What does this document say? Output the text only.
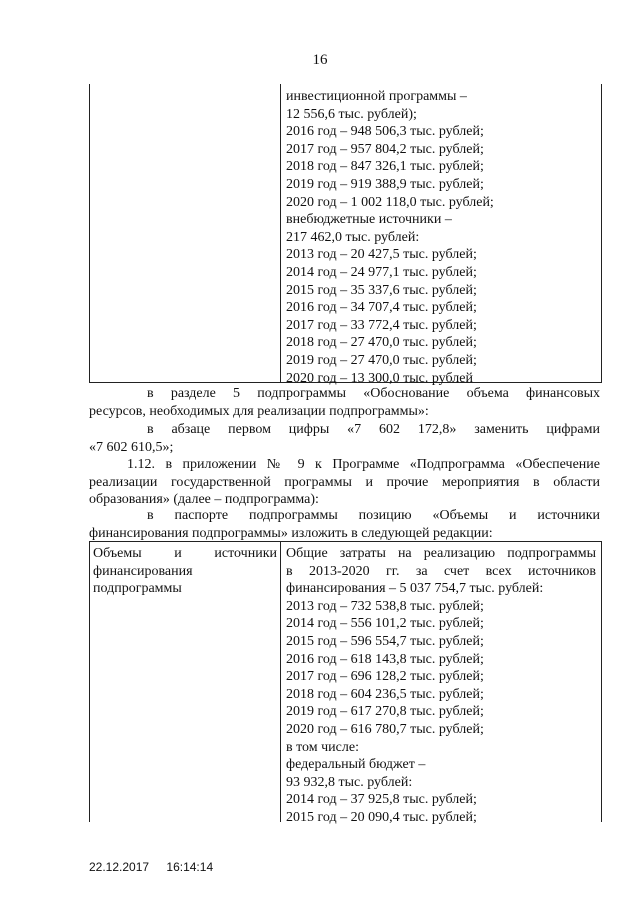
16
инвестиционной программы –
12 556,6 тыс. рублей);
2016 год – 948 506,3 тыс. рублей;
2017 год – 957 804,2 тыс. рублей;
2018 год – 847 326,1 тыс. рублей;
2019 год – 919 388,9 тыс. рублей;
2020 год – 1 002 118,0 тыс. рублей;
внебюджетные источники –
217 462,0 тыс. рублей:
2013 год – 20 427,5 тыс. рублей;
2014 год – 24 977,1 тыс. рублей;
2015 год – 35 337,6 тыс. рублей;
2016 год – 34 707,4 тыс. рублей;
2017 год – 33 772,4 тыс. рублей;
2018 год – 27 470,0 тыс. рублей;
2019 год – 27 470,0 тыс. рублей;
2020 год – 13 300,0 тыс. рублей
в разделе 5 подпрограммы «Обоснование объема финансовых
ресурсов, необходимых для реализации подпрограммы»:
в абзаце первом цифры «7 602 172,8» заменить цифрами
«7 602 610,5»;
1.12. в приложении № 9 к Программе «Подпрограмма «Обеспечение
реализации государственной программы и прочие мероприятия в области
образования» (далее – подпрограмма):
в паспорте подпрограммы позицию «Объемы и источники
финансирования подпрограммы» изложить в следующей редакции:
Объемы и источники
финансирования
подпрограммы
Общие затраты на реализацию подпрограммы
в 2013-2020 гг. за счет всех источников
финансирования – 5 037 754,7 тыс. рублей:
2013 год – 732 538,8 тыс. рублей;
2014 год – 556 101,2 тыс. рублей;
2015 год – 596 554,7 тыс. рублей;
2016 год – 618 143,8 тыс. рублей;
2017 год – 696 128,2 тыс. рублей;
2018 год – 604 236,5 тыс. рублей;
2019 год – 617 270,8 тыс. рублей;
2020 год – 616 780,7 тыс. рублей;
в том числе:
федеральный бюджет –
93 932,8 тыс. рублей:
2014 год – 37 925,8 тыс. рублей;
2015 год – 20 090,4 тыс. рублей;
22.12.2017 16:14:14
